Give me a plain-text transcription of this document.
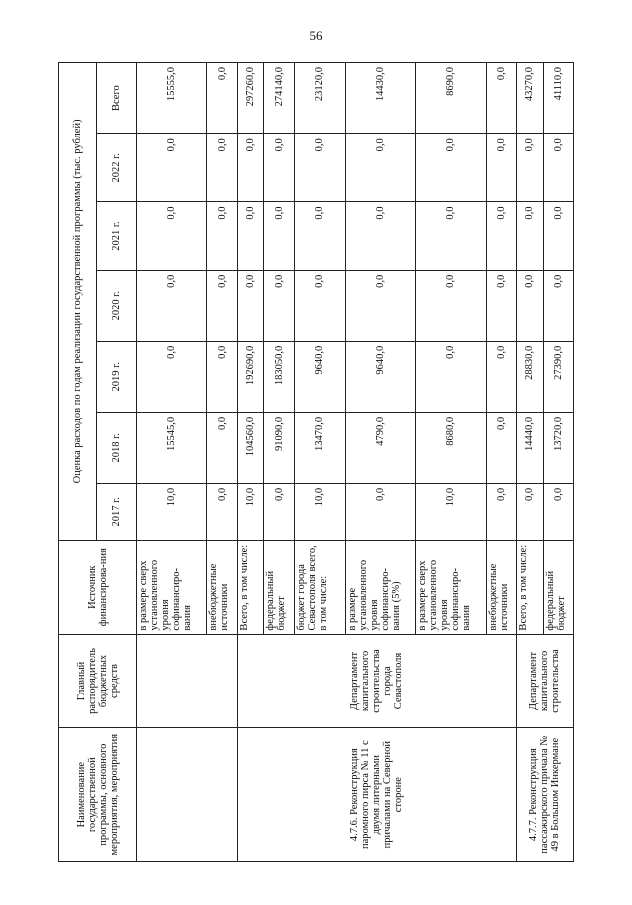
56
Наименование государственной программы, основного мероприятия, мероприятия	Главный распорядитель бюджетных средств	Источник финансирова-ния	Оценка расходов по годам реализации государственной программы (тыс. рублей)						
			2017 г.	2018 г.	2019 г.	2020 г.	2021 г.	2022 г.	Всего
		в размере сверх установленного уровня софинансиро-вания	10,0	15545,0	0,0	0,0	0,0	0,0	15555,0
		внебюджетные источники	0,0	0,0	0,0	0,0	0,0	0,0	0,0
4.7.6. Реконструкция паромного пирса № 11 с двумя литерными причалами на Северной стороне	Департамент капитального строительства города Севастополя	Всего, в том числе:	10,0	104560,0	192690,0	0,0	0,0	0,0	297260,0
		федеральный бюджет	0,0	91090,0	183050,0	0,0	0,0	0,0	274140,0
		бюджет города Севастополя всего, в том числе:	10,0	13470,0	9640,0	0,0	0,0	0,0	23120,0
		в размере установленного уровня софинансиро-вания (5%)	0,0	4790,0	9640,0	0,0	0,0	0,0	14430,0
		в размере сверх установленного уровня софинансиро-вания	10,0	8680,0	0,0	0,0	0,0	0,0	8690,0
		внебюджетные источники	0,0	0,0	0,0	0,0	0,0	0,0	0,0
4.7.7. Реконструкция пассажирского причала № 49 в Большом Инкермане	Департамент капитального строительства	Всего, в том числе:	0,0	14440,0	28830,0	0,0	0,0	0,0	43270,0
		федеральный бюджет	0,0	13720,0	27390,0	0,0	0,0	0,0	41110,0
